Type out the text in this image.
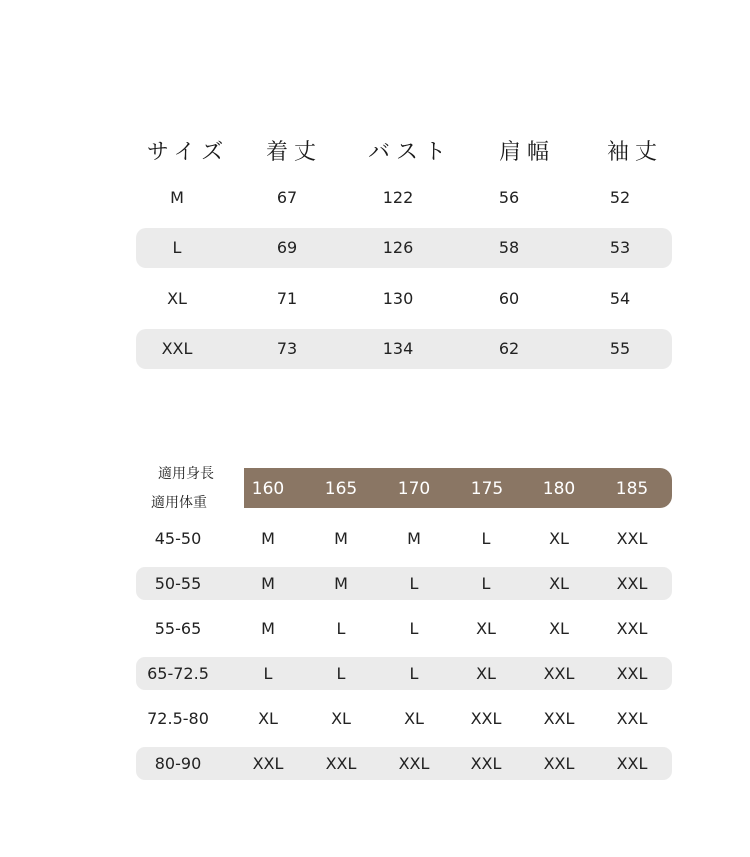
サイズ 着丈 バスト 肩幅 袖丈
M	67	122	56	52
L	69	126	58	53
XL	71	130	60	54
XXL	73	134	62	55
適用身長
適用体重
160 165 170 175 180 185
45-50	M	M	M	L	XL	XXL
50-55	M	M	L	L	XL	XXL
55-65	M	L	L	XL	XL	XXL
65-72.5	L	L	L	XL	XXL	XXL
72.5-80	XL	XL	XL	XXL	XXL	XXL
80-90	XXL	XXL	XXL	XXL	XXL	XXL
